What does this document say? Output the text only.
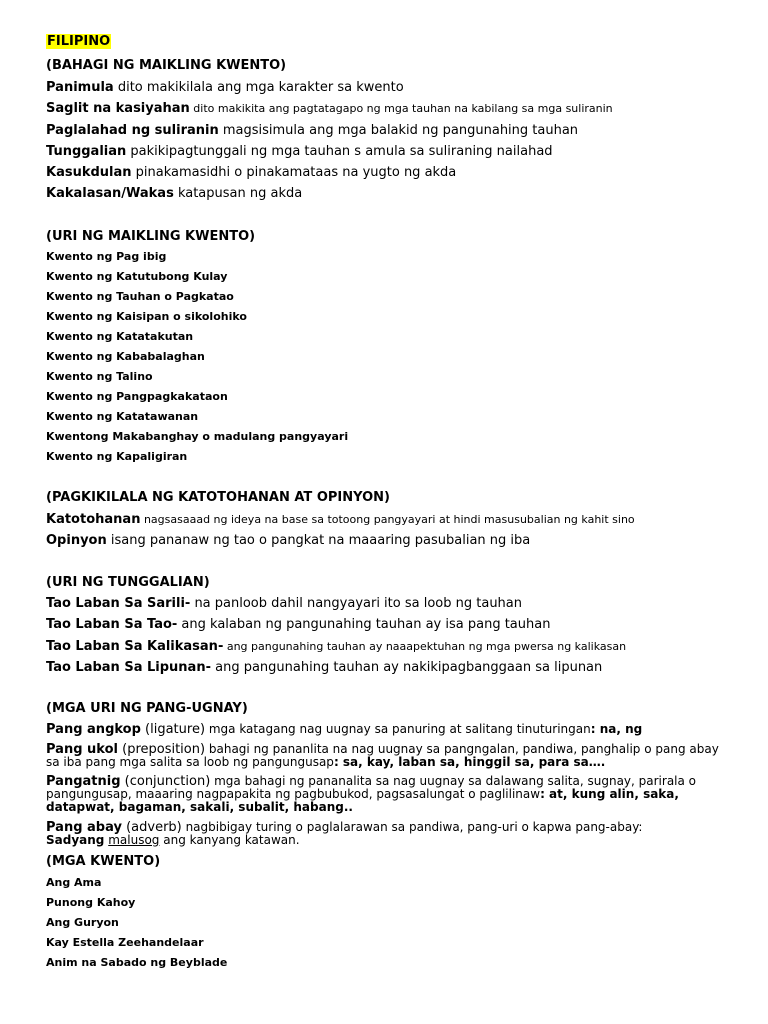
FILIPINO
(BAHAGI NG MAIKLING KWENTO)
Panimula dito makikilala ang mga karakter sa kwento
Saglit na kasiyahan dito makikita ang pagtatagapo ng mga tauhan na kabilang sa mga suliranin
Paglalahad ng suliranin magsisimula ang mga balakid ng pangunahing tauhan
Tunggalian pakikipagtunggali ng mga tauhan s amula sa suliraning nailahad
Kasukdulan pinakamasidhi o pinakamataas na yugto ng akda
Kakalasan/Wakas katapusan ng akda
(URI NG MAIKLING KWENTO)
Kwento ng Pag ibig
Kwento ng Katutubong Kulay
Kwento ng Tauhan o Pagkatao
Kwento ng Kaisipan o sikolohiko
Kwento ng Katatakutan
Kwento ng Kababalaghan
Kwento ng Talino
Kwento ng Pangpagkakataon
Kwento ng Katatawanan
Kwentong Makabanghay o madulang pangyayari
Kwento ng Kapaligiran
(PAGKIKILALA NG KATOTOHANAN AT OPINYON)
Katotohanan nagsasaaad ng ideya na base sa totoong pangyayari at hindi masusubalian ng kahit sino
Opinyon isang pananaw ng tao o pangkat na maaaring pasubalian ng iba
(URI NG TUNGGALIAN)
Tao Laban Sa Sarili- na panloob dahil nangyayari ito sa loob ng tauhan
Tao Laban Sa Tao- ang kalaban ng pangunahing tauhan ay isa pang tauhan
Tao Laban Sa Kalikasan- ang pangunahing tauhan ay naaapektuhan ng mga pwersa ng kalikasan
Tao Laban Sa Lipunan- ang pangunahing tauhan ay nakikipagbanggaan sa lipunan
(MGA URI NG PANG-UGNAY)
Pang angkop (ligature) mga katagang nag uugnay sa panuring at salitang tinuturingan: na, ng
Pang ukol (preposition) bahagi ng pananlita na nag uugnay sa pangngalan, pandiwa, panghalip o pang abay sa iba pang mga salita sa loob ng pangungusap: sa, kay, laban sa, hinggil sa, para sa….
Pangatnig (conjunction) mga bahagi ng pananalita sa nag uugnay sa dalawang salita, sugnay, parirala o pangungusap, maaaring nagpapakita ng pagbubukod, pagsasalungat o paglilinaw: at, kung alin, saka, datapwat, bagaman, sakali, subalit, habang..
Pang abay (adverb) nagbibigay turing o paglalarawan sa pandiwa, pang-uri o kapwa pang-abay:
Sadyang malusog ang kanyang katawan.
(MGA KWENTO)
Ang Ama
Punong Kahoy
Ang Guryon
Kay Estella Zeehandelaar
Anim na Sabado ng Beyblade
